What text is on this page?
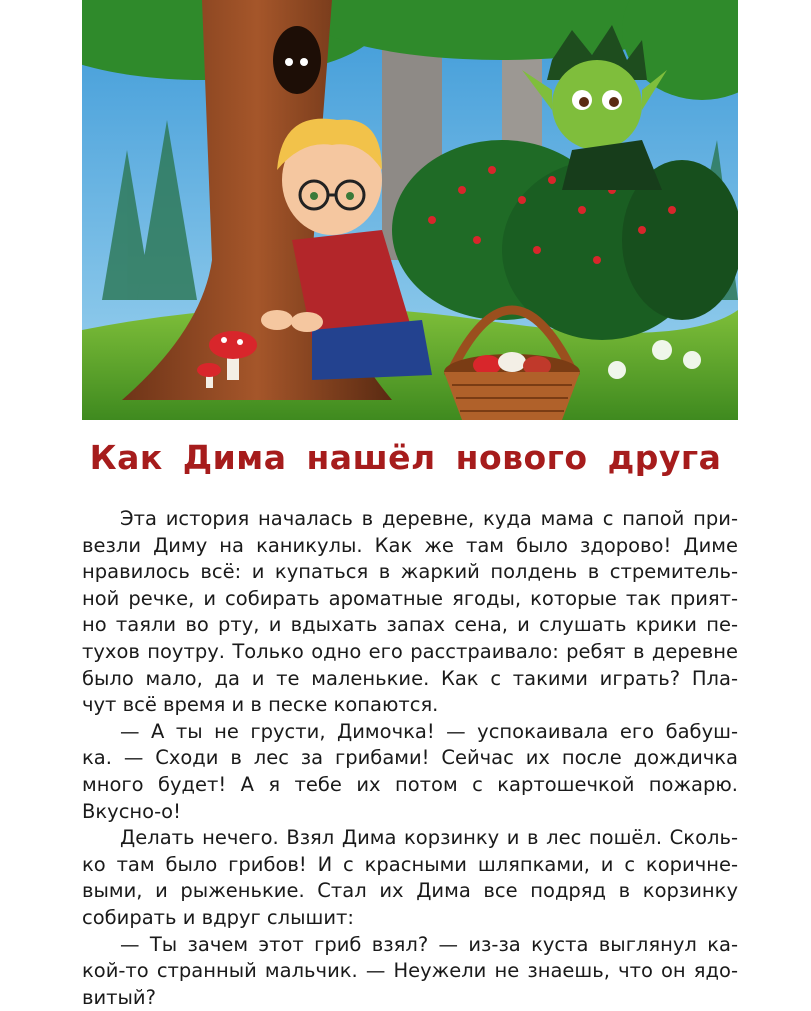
Как Дима нашёл нового друга

Эта история началась в деревне, куда мама с папой при-
везли Диму на каникулы. Как же там было здорово! Диме
нравилось всё: и купаться в жаркий полдень в стремитель-
ной речке, и собирать ароматные ягоды, которые так прият-
но таяли во рту, и вдыхать запах сена, и слушать крики пе-
тухов поутру. Только одно его расстраивало: ребят в деревне
было мало, да и те маленькие. Как с такими играть? Пла-
чут всё время и в песке копаются.

— А ты не грусти, Димочка! — успокаивала его бабуш-
ка. — Сходи в лес за грибами! Сейчас их после дождичка
много будет! А я тебе их потом с картошечкой пожарю.
Вкусно-о!

Делать нечего. Взял Дима корзинку и в лес пошёл. Сколь-
ко там было грибов! И с красными шляпками, и с коричне-
выми, и рыженькие. Стал их Дима все подряд в корзинку
собирать и вдруг слышит:

— Ты зачем этот гриб взял? — из-за куста выглянул ка-
кой-то странный мальчик. — Неужели не знаешь, что он ядо-
витый?
